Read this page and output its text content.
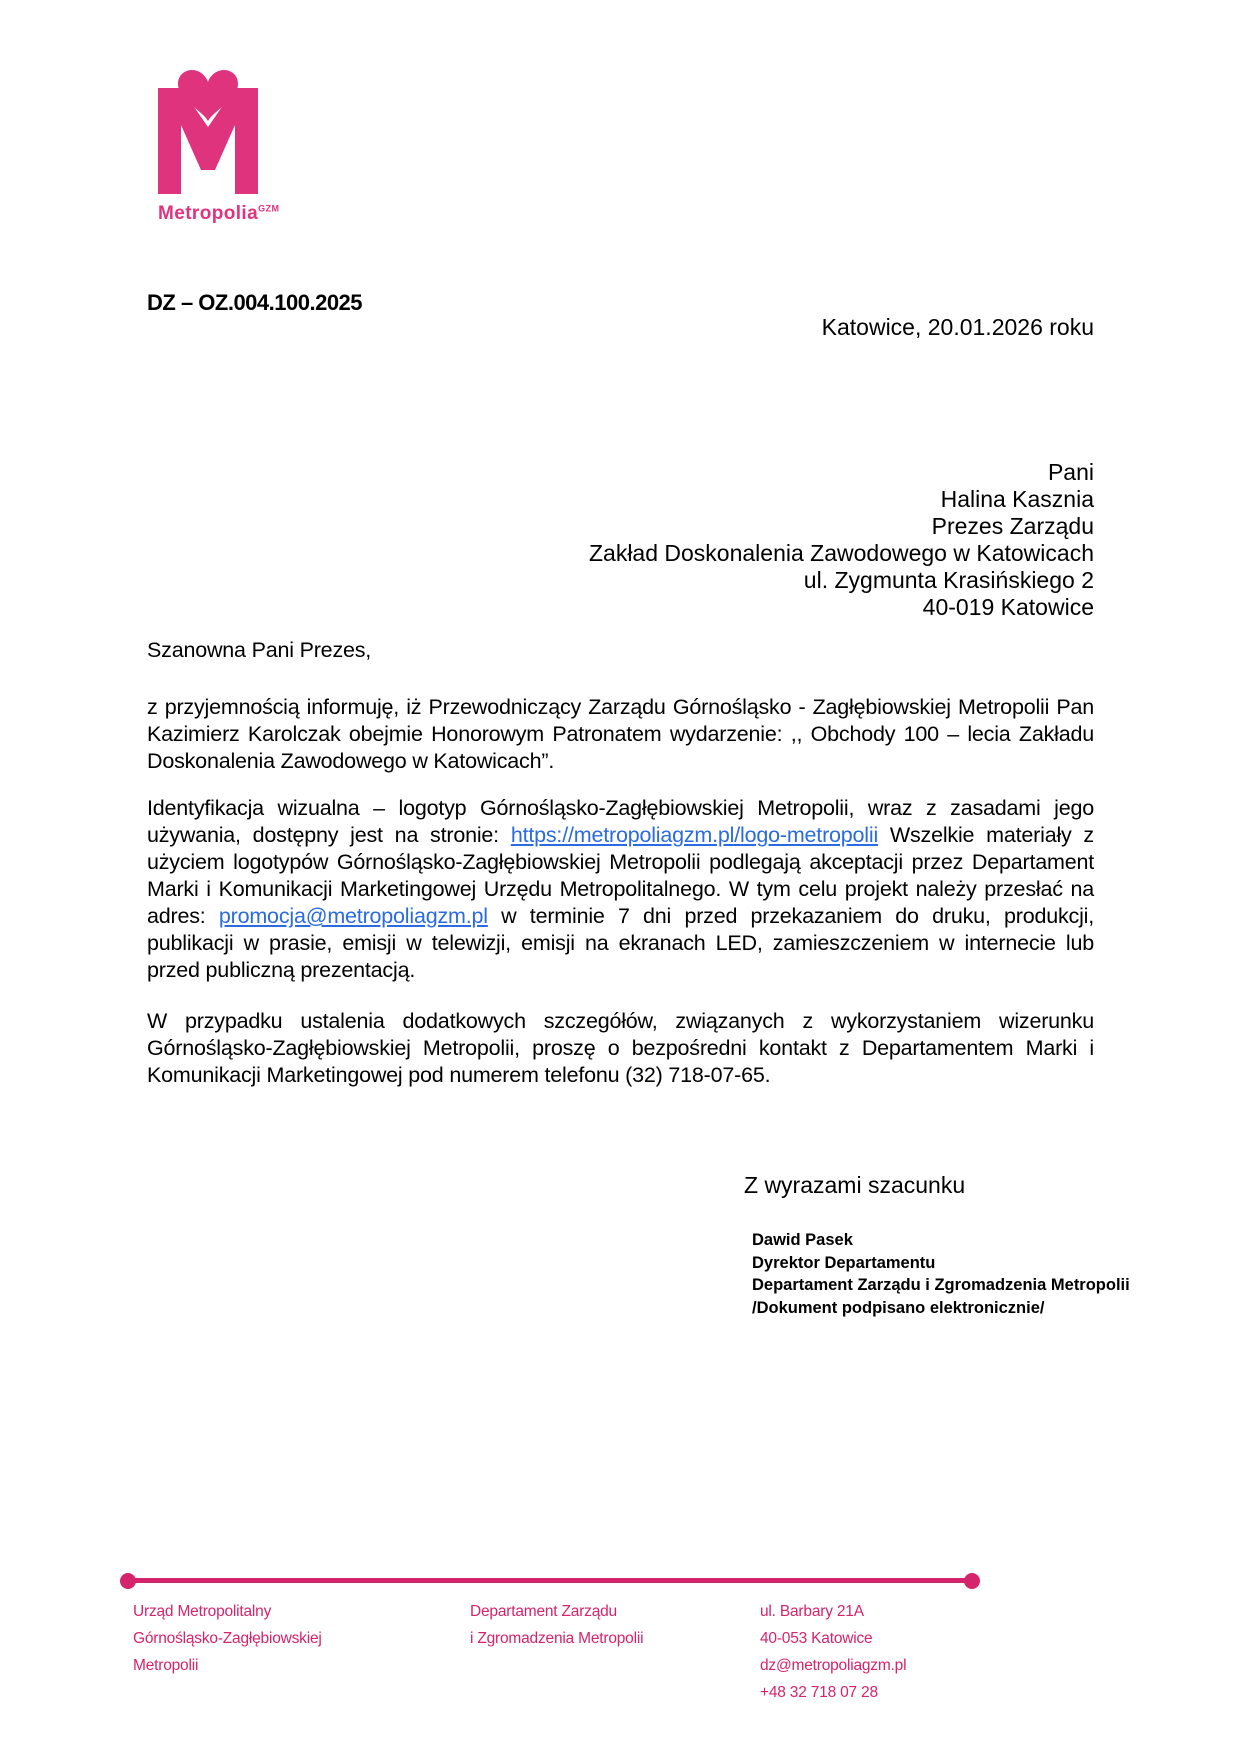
Metropolia$^{GZM}$
DZ – OZ.004.100.2025
Katowice, 20.01.2026 roku
Pani
Halina Kasznia
Prezes Zarządu
Zakład Doskonalenia Zawodowego w Katowicach
ul. Zygmunta Krasińskiego 2
40-019 Katowice
Szanowna Pani Prezes,

z przyjemnością informuję, iż Przewodniczący Zarządu Górnośląsko - Zagłębiowskiej Metropolii Pan Kazimierz Karolczak obejmie Honorowym Patronatem wydarzenie: ,, Obchody 100 – lecia Zakładu Doskonalenia Zawodowego w Katowicach”.

Identyfikacja wizualna – logotyp Górnośląsko-Zagłębiowskiej Metropolii, wraz z zasadami jego używania, dostępny jest na stronie: https://metropoliagzm.pl/logo-metropolii Wszelkie materiały z użyciem logotypów Górnośląsko-Zagłębiowskiej Metropolii podlegają akceptacji przez Departament Marki i Komunikacji Marketingowej Urzędu Metropolitalnego. W tym celu projekt należy przesłać na adres: promocja@metropoliagzm.pl w terminie 7 dni przed przekazaniem do druku, produkcji, publikacji w prasie, emisji w telewizji, emisji na ekranach LED, zamieszczeniem w internecie lub przed publiczną prezentacją.

W przypadku ustalenia dodatkowych szczegółów, związanych z wykorzystaniem wizerunku Górnośląsko-Zagłębiowskiej Metropolii, proszę o bezpośredni kontakt z Departamentem Marki i Komunikacji Marketingowej pod numerem telefonu (32) 718-07-65.

Z wyrazami szacunku
Dawid Pasek
Dyrektor Departamentu
Departament Zarządu i Zgromadzenia Metropolii
/Dokument podpisano elektronicznie/
Urząd Metropolitalny
Górnośląsko-Zagłębiowskiej
Metropolii
Departament Zarządu
i Zgromadzenia Metropolii
ul. Barbary 21A
40-053 Katowice
dz@metropoliagzm.pl
+48 32 718 07 28
